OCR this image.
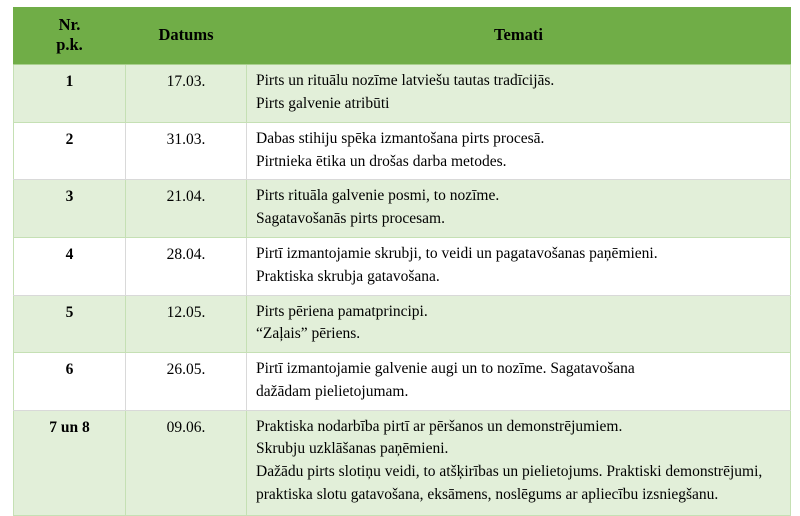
Nr.
p.k.	Datums	Temati
1	17.03.	Pirts un rituālu nozīme latviešu tautas tradīcijās.
Pirts galvenie atribūti

2	31.03.	Dabas stihiju spēka izmantošana pirts procesā.
Pirtnieka ētika un drošas darba metodes.

3	21.04.	Pirts rituāla galvenie posmi, to nozīme.
Sagatavošanās pirts procesam.

4	28.04.	Pirtī izmantojamie skrubji, to veidi un pagatavošanas paņēmieni.
Praktiska skrubja gatavošana.

5	12.05.	Pirts pēriena pamatprincipi.
“Zaļais” pēriens.

6	26.05.	Pirtī izmantojamie galvenie augi un to nozīme. Sagatavošana
dažādam pielietojumam.

7 un 8	09.06.	Praktiska nodarbība pirtī ar pēršanos un demonstrējumiem.
Skrubju uzklāšanas paņēmieni.
Dažādu pirts slotiņu veidi, to atšķirības un pielietojums. Praktiski demonstrējumi, praktiska slotu gatavošana, eksāmens, noslēgums ar apliecību izsniegšanu.
